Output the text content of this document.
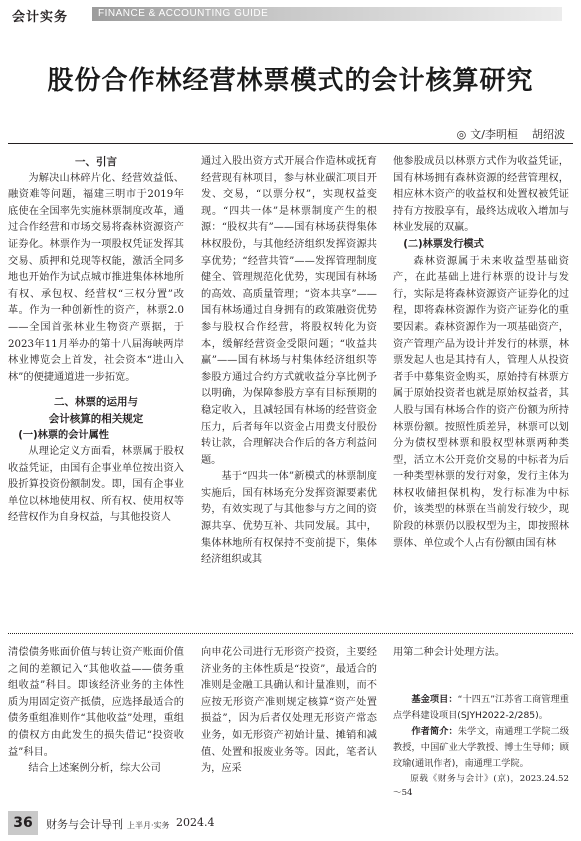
会计实务	FINANCE & ACCOUNTING GUIDE
股份合作林经营林票模式的会计核算研究
◎ 文/李明桓 胡绍波
一、引言

为解决山林碎片化、经营效益低、融资难等问题，福建三明市于2019年底使在全国率先实施林票制度改革，通过合作经营和市场交易将森林资源资产证券化。林票作为一项股权凭证发挥其交易、质押和兑现等权能，激活全同多地也开始作为试点城市推进集体林地所有权、承包权、经营权“三权分置”改革。作为一种创新性的资产，林票2.0——全国首张林业生物资产票据，于2023年11月举办的第十八届海峡两岸林业博览会上首发，社会资本“进山入林”的便捷通道进一步拓宽。

二、林票的运用与
会计核算的相关规定
(一)林票的会计属性

从理论定义方面看，林票属于股权收益凭证，由国有企事业单位按出资入股折算投资份额制发。即，国有企事业单位以林地使用权、所有权、使用权等经营权作为自身权益，与其他投资人

通过入股出资方式开展合作造林或抚育经营现有林项目，参与林业碳汇项目开发、交易，“以票分权”，实现权益变现。“四共一体”是林票制度产生的根源：“股权共有”——国有林场获得集体林权股份，与其他经济组织发挥资源共享优势；“经营共管”——发挥管理制度健全、管理规范化优势，实现国有林场的高效、高质量管理；“资本共享”——国有林场通过自身拥有的政策融资优势参与股权合作经营，将股权转化为资本，缓解经营资金受限问题；“收益共赢”——国有林场与村集体经济组织等参股方通过合约方式就收益分享比例予以明确，为保障参股方享有目标预期的稳定收入，且减轻国有林场的经营资金压力，后者每年以资金占用费支付股份转让款，合理解决合作后的各方利益问题。

基于“四共一体”新模式的林票制度实施后，国有林场充分发挥资源要素优势，有效实现了与其他参与方之间的资源共享、优势互补、共同发展。其中，集体林地所有权保持不变前提下，集体经济组织或其

他参股成员以林票方式作为收益凭证，国有林场拥有森林资源的经营管理权，相应林木资产的收益权和处置权被凭证持有方按股享有，最终达成收入增加与林业发展的双赢。

(二)林票发行模式

森林资源属于未来收益型基础资产，在此基础上进行林票的设计与发行，实际是将森林资源资产证券化的过程，即将森林资源作为资产证券化的重要因素。森林资源作为一项基础资产，资产管理产品为设计并发行的林票，林票发起人也是其持有人，管理人从投资者手中募集资金购买，原始持有林票方属于原始投资者也就是原始权益者，其人股与国有林场合作的资产份额为所持林票份额。按照性质差异，林票可以划分为债权型林票和股权型林票两种类型，活立木公开竞价交易的中标者为后一种类型林票的发行对象，发行主体为林权收储担保机构，发行标准为中标价，该类型的林票在当前发行较少，现阶段的林票仍以股权型为主，即按照林票体、单位或个人占有份额由国有林

清偿债务账面价值与转让资产账面价值之间的差额记入“其他收益——债务重组收益”科目。即该经济业务的主体性质为用固定资产抵债，应选择最适合的债务重组准则作“其他收益”处理，重组的债权方由此发生的损失借记“投资收益”科目。

结合上述案例分析，综大公司

向申花公司进行无形资产投资，主要经济业务的主体性质是“投资”，最适合的准则是金融工具确认和计量准则，而不应按无形资产准则规定核算“资产处置损益”，因为后者仅处理无形资产常态业务，如无形资产初始计量、摊销和减值、处置和报废业务等。因此，笔者认为，应采

用第二种会计处理方法。

基金项目：“十四五”江苏省工商管理重点学科建设项目(SJYH2022-2/285)。

作者简介：朱学文，南通理工学院二级教授，中国矿业大学教授、博士生导师；顾玟瑜(通讯作者)，南通理工学院。

原载《财务与会计》(京)，2023.24.52～54

36	财务与会计导刊 上半月·实务 2024.4
